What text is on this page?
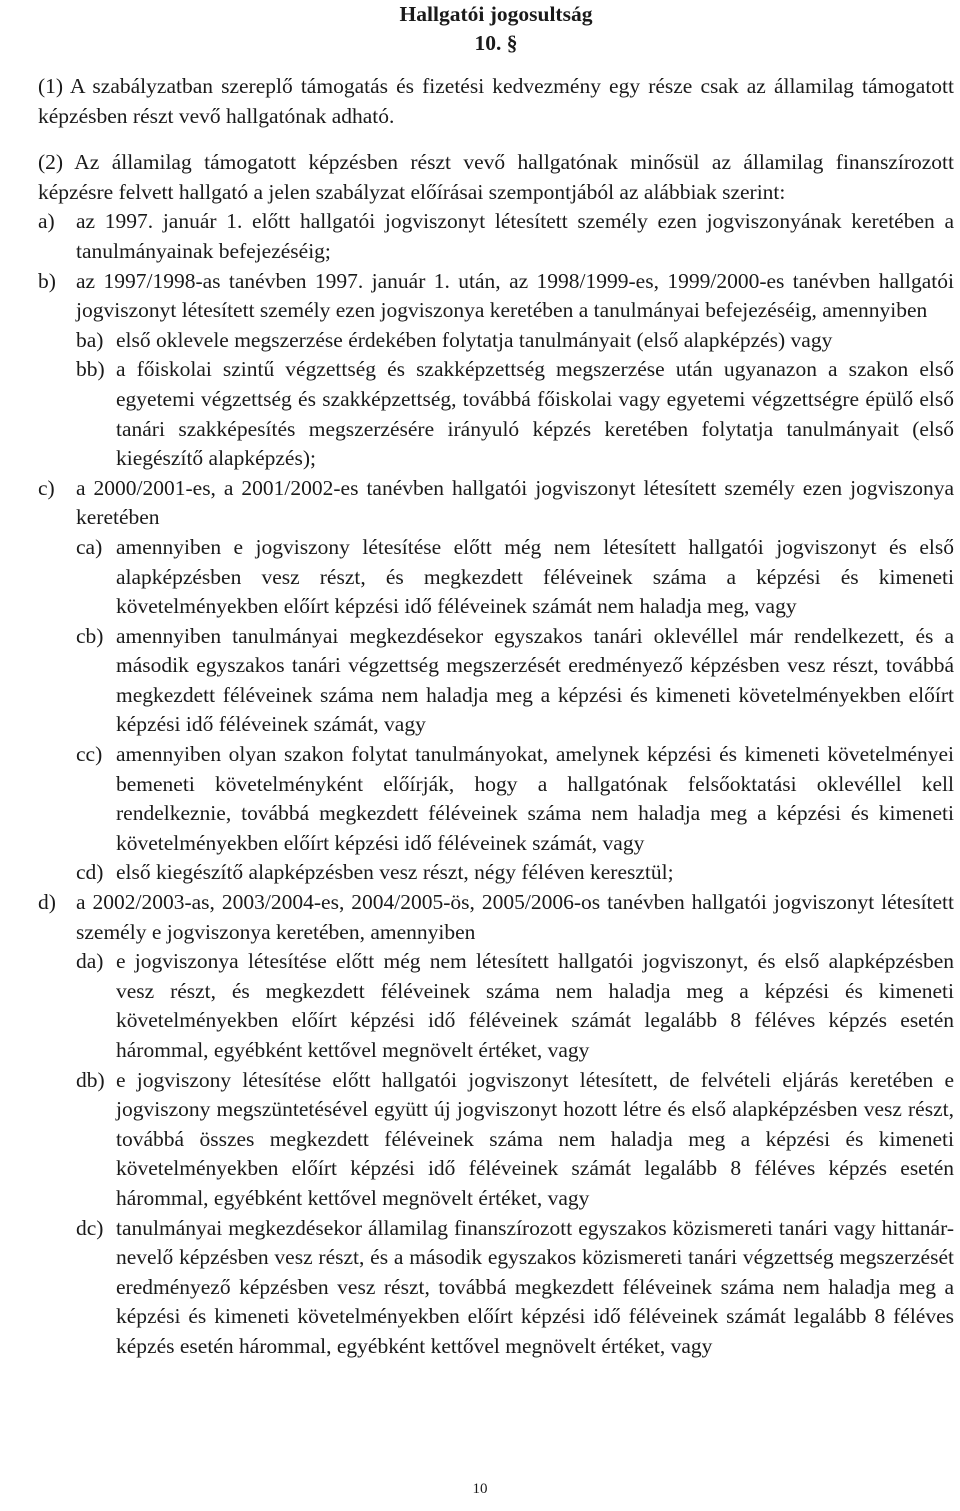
Hallgatói jogosultság
10. §

(1) A szabályzatban szereplő támogatás és fizetési kedvezmény egy része csak az államilag támogatott képzésben részt vevő hallgatónak adható.

(2) Az államilag támogatott képzésben részt vevő hallgatónak minősül az államilag finanszírozott képzésre felvett hallgató a jelen szabályzat előírásai szempontjából az alábbiak szerint:

a) az 1997. január 1. előtt hallgatói jogviszonyt létesített személy ezen jogviszonyának keretében a tanulmányainak befejezéséig;
b) az 1997/1998-as tanévben 1997. január 1. után, az 1998/1999-es, 1999/2000-es tanévben hallgatói jogviszonyt létesített személy ezen jogviszonya keretében a tanulmányai befejezéséig, amennyiben
ba) első oklevele megszerzése érdekében folytatja tanulmányait (első alapképzés) vagy
bb) a főiskolai szintű végzettség és szakképzettség megszerzése után ugyanazon a szakon első egyetemi végzettség és szakképzettség, továbbá főiskolai vagy egyetemi végzettségre épülő első tanári szakképesítés megszerzésére irányuló képzés keretében folytatja tanulmányait (első kiegészítő alapképzés);
c) a 2000/2001-es, a 2001/2002-es tanévben hallgatói jogviszonyt létesített személy ezen jogviszonya keretében
ca) amennyiben e jogviszony létesítése előtt még nem létesített hallgatói jogviszonyt és első alapképzésben vesz részt, és megkezdett féléveinek száma a képzési és kimeneti követelményekben előírt képzési idő féléveinek számát nem haladja meg, vagy
cb) amennyiben tanulmányai megkezdésekor egyszakos tanári oklevéllel már rendelkezett, és a második egyszakos tanári végzettség megszerzését eredményező képzésben vesz részt, továbbá megkezdett féléveinek száma nem haladja meg a képzési és kimeneti követelményekben előírt képzési idő féléveinek számát, vagy
cc) amennyiben olyan szakon folytat tanulmányokat, amelynek képzési és kimeneti követelményei bemeneti követelményként előírják, hogy a hallgatónak felsőoktatási oklevéllel kell rendelkeznie, továbbá megkezdett féléveinek száma nem haladja meg a képzési és kimeneti követelményekben előírt képzési idő féléveinek számát, vagy
cd) első kiegészítő alapképzésben vesz részt, négy féléven keresztül;
d) a 2002/2003-as, 2003/2004-es, 2004/2005-ös, 2005/2006-os tanévben hallgatói jogviszonyt létesített személy e jogviszonya keretében, amennyiben
da) e jogviszonya létesítése előtt még nem létesített hallgatói jogviszonyt, és első alapképzésben vesz részt, és megkezdett féléveinek száma nem haladja meg a képzési és kimeneti követelményekben előírt képzési idő féléveinek számát legalább 8 féléves képzés esetén hárommal, egyébként kettővel megnövelt értéket, vagy
db) e jogviszony létesítése előtt hallgatói jogviszonyt létesített, de felvételi eljárás keretében e jogviszony megszüntetésével együtt új jogviszonyt hozott létre és első alapképzésben vesz részt, továbbá összes megkezdett féléveinek száma nem haladja meg a képzési és kimeneti követelményekben előírt képzési idő féléveinek számát legalább 8 féléves képzés esetén hárommal, egyébként kettővel megnövelt értéket, vagy
dc) tanulmányai megkezdésekor államilag finanszírozott egyszakos közismereti tanári vagy hittanár-nevelő képzésben vesz részt, és a második egyszakos közismereti tanári végzettség megszerzését eredményező képzésben vesz részt, továbbá megkezdett féléveinek száma nem haladja meg a képzési és kimeneti követelményekben előírt képzési idő féléveinek számát legalább 8 féléves képzés esetén hárommal, egyébként kettővel megnövelt értéket, vagy
10
